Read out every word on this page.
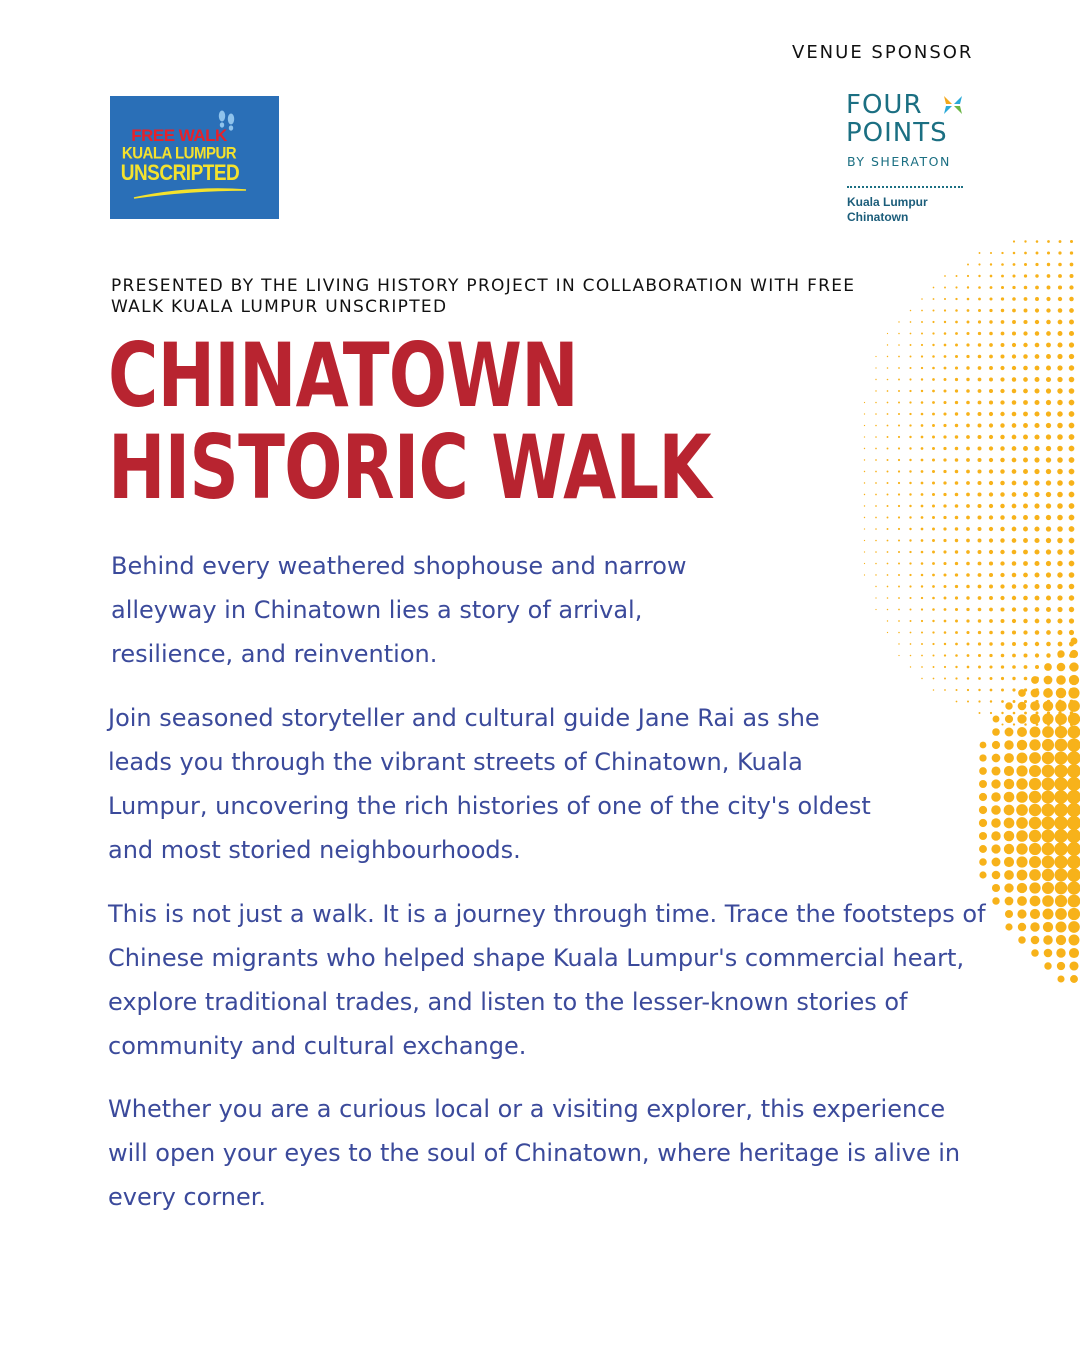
VENUE SPONSOR
FREE WALK
KUALA LUMPUR
UNSCRIPTED
FOUR
POINTS
BY SHERATON
Kuala Lumpur
Chinatown

PRESENTED BY THE LIVING HISTORY PROJECT IN COLLABORATION WITH FREE WALK KUALA LUMPUR UNSCRIPTED

CHINATOWN
HISTORIC WALK

Behind every weathered shophouse and narrow alleyway in Chinatown lies a story of arrival, resilience, and reinvention.

Join seasoned storyteller and cultural guide Jane Rai as she leads you through the vibrant streets of Chinatown, Kuala Lumpur, uncovering the rich histories of one of the city's oldest and most storied neighbourhoods.

This is not just a walk. It is a journey through time. Trace the footsteps of Chinese migrants who helped shape Kuala Lumpur's commercial heart, explore traditional trades, and listen to the lesser-known stories of community and cultural exchange.

Whether you are a curious local or a visiting explorer, this experience will open your eyes to the soul of Chinatown, where heritage is alive in every corner.
